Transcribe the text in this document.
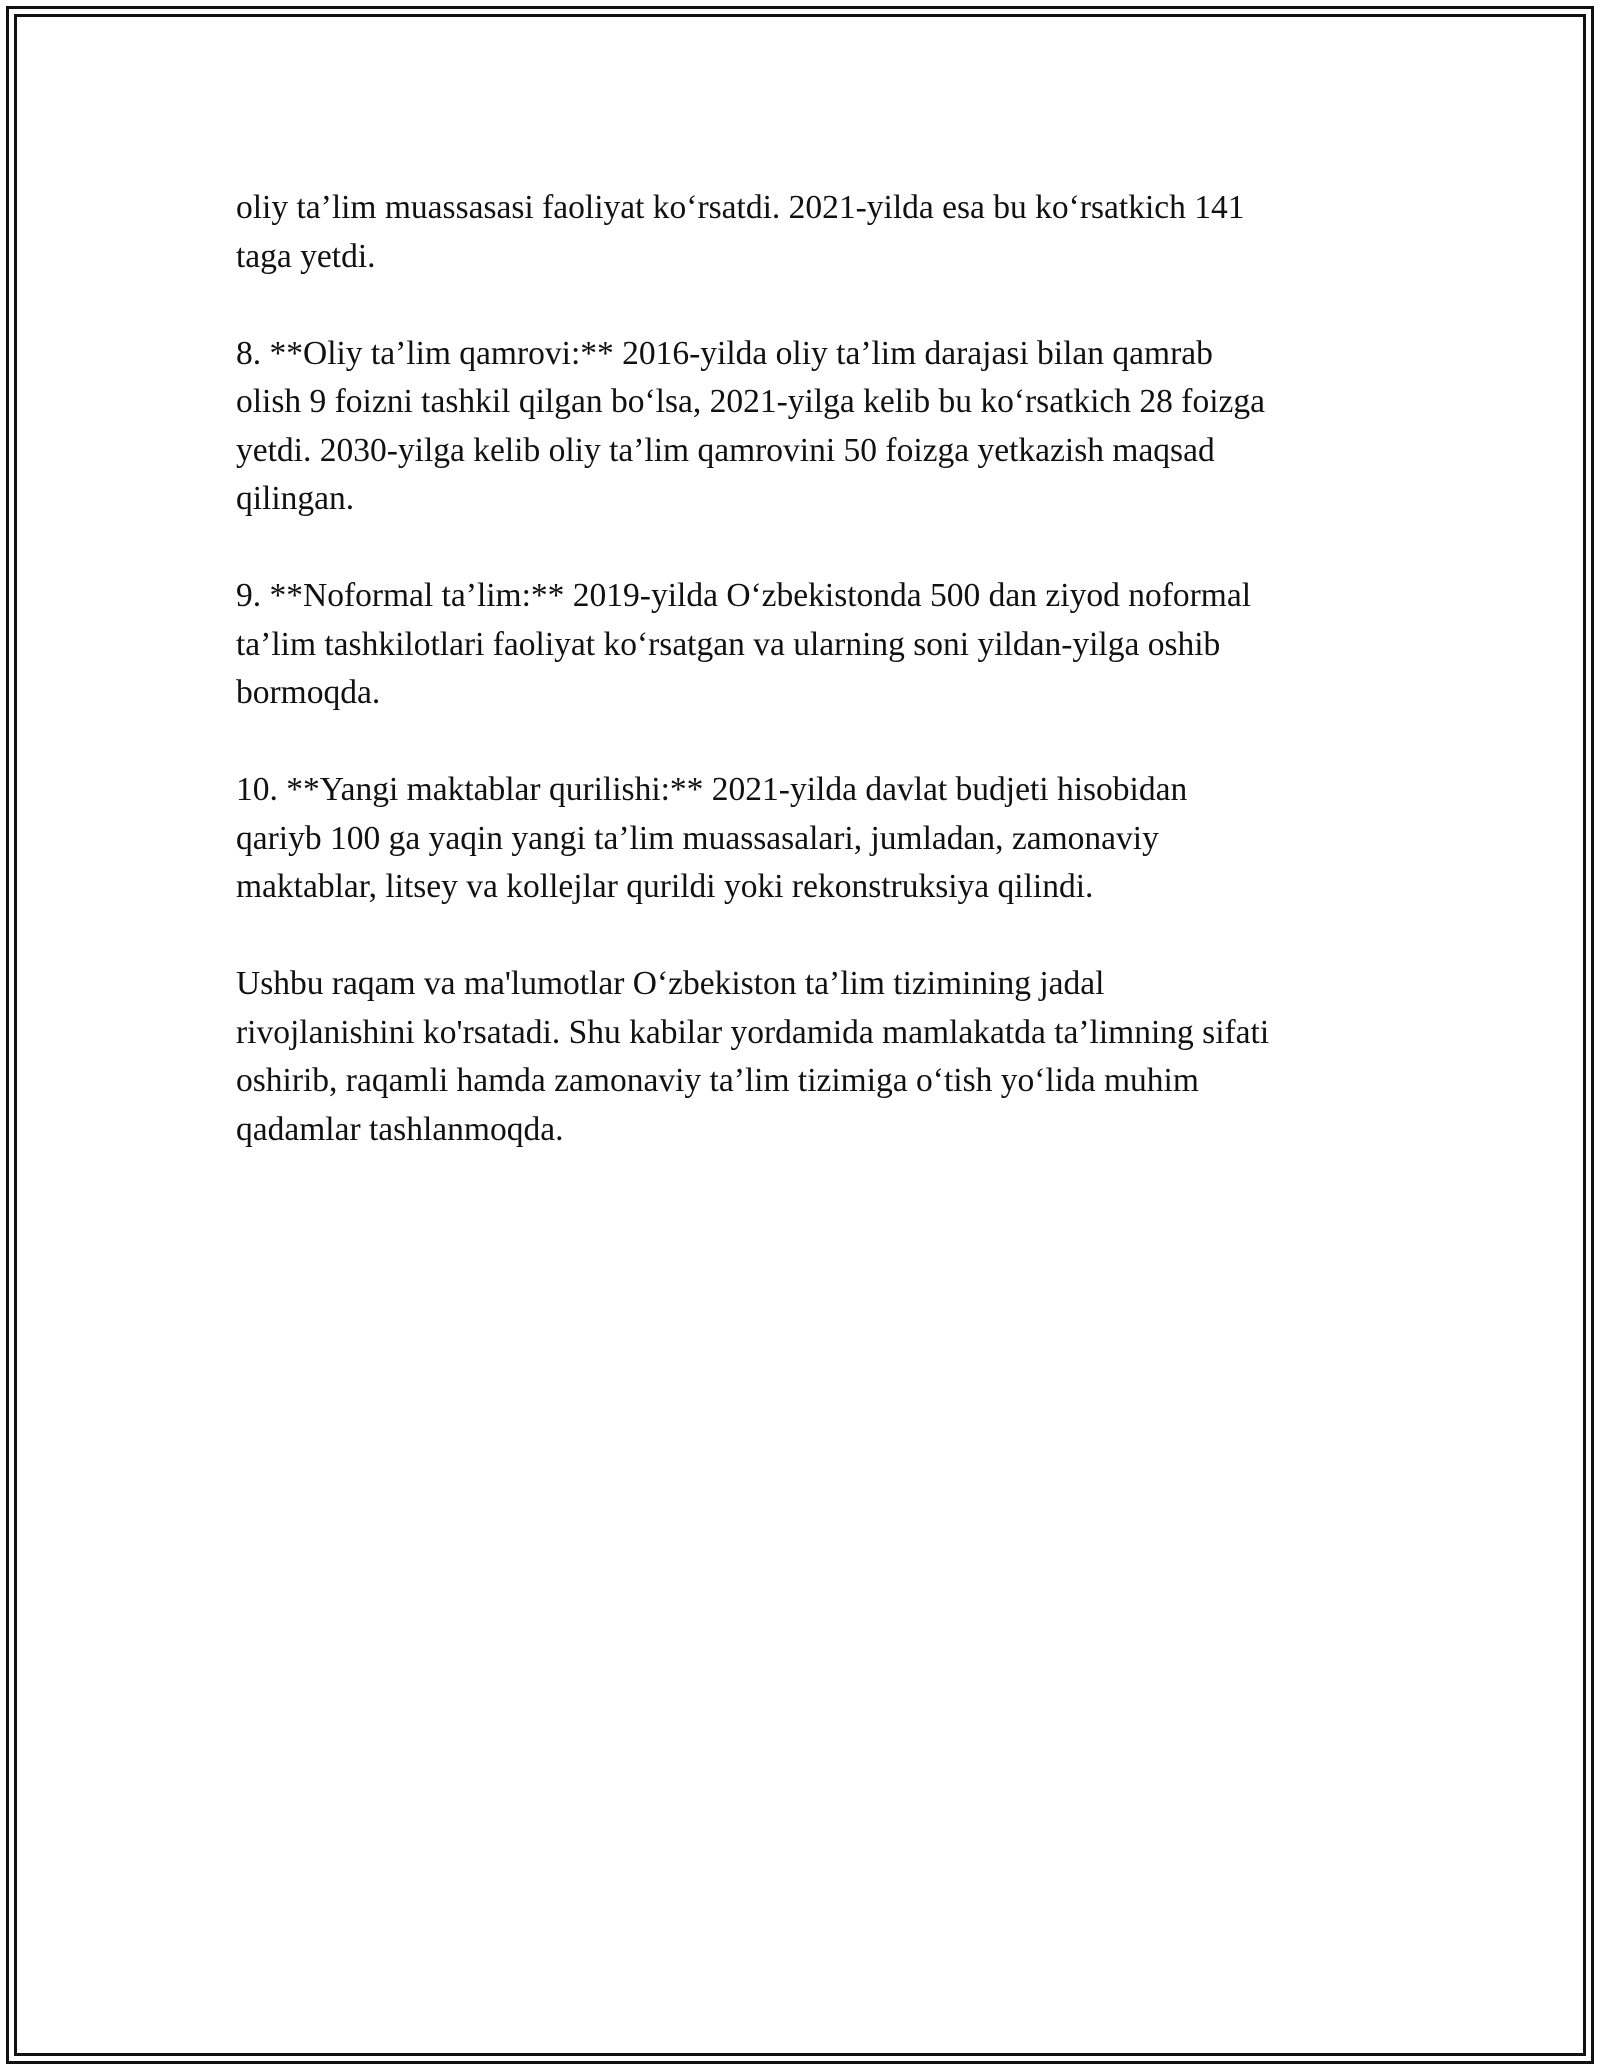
oliy ta’lim muassasasi faoliyat ko‘rsatdi. 2021-yilda esa bu ko‘rsatkich 141
taga yetdi.

8. **Oliy ta’lim qamrovi:** 2016-yilda oliy ta’lim darajasi bilan qamrab
olish 9 foizni tashkil qilgan bo‘lsa, 2021-yilga kelib bu ko‘rsatkich 28 foizga
yetdi. 2030-yilga kelib oliy ta’lim qamrovini 50 foizga yetkazish maqsad
qilingan.

9. **Noformal ta’lim:** 2019-yilda O‘zbekistonda 500 dan ziyod noformal
ta’lim tashkilotlari faoliyat ko‘rsatgan va ularning soni yildan-yilga oshib
bormoqda.

10. **Yangi maktablar qurilishi:** 2021-yilda davlat budjeti hisobidan
qariyb 100 ga yaqin yangi ta’lim muassasalari, jumladan, zamonaviy
maktablar, litsey va kollejlar qurildi yoki rekonstruksiya qilindi.

Ushbu raqam va ma'lumotlar O‘zbekiston ta’lim tizimining jadal
rivojlanishini ko'rsatadi. Shu kabilar yordamida mamlakatda ta’limning sifati
oshirib, raqamli hamda zamonaviy ta’lim tizimiga o‘tish yo‘lida muhim
qadamlar tashlanmoqda.
